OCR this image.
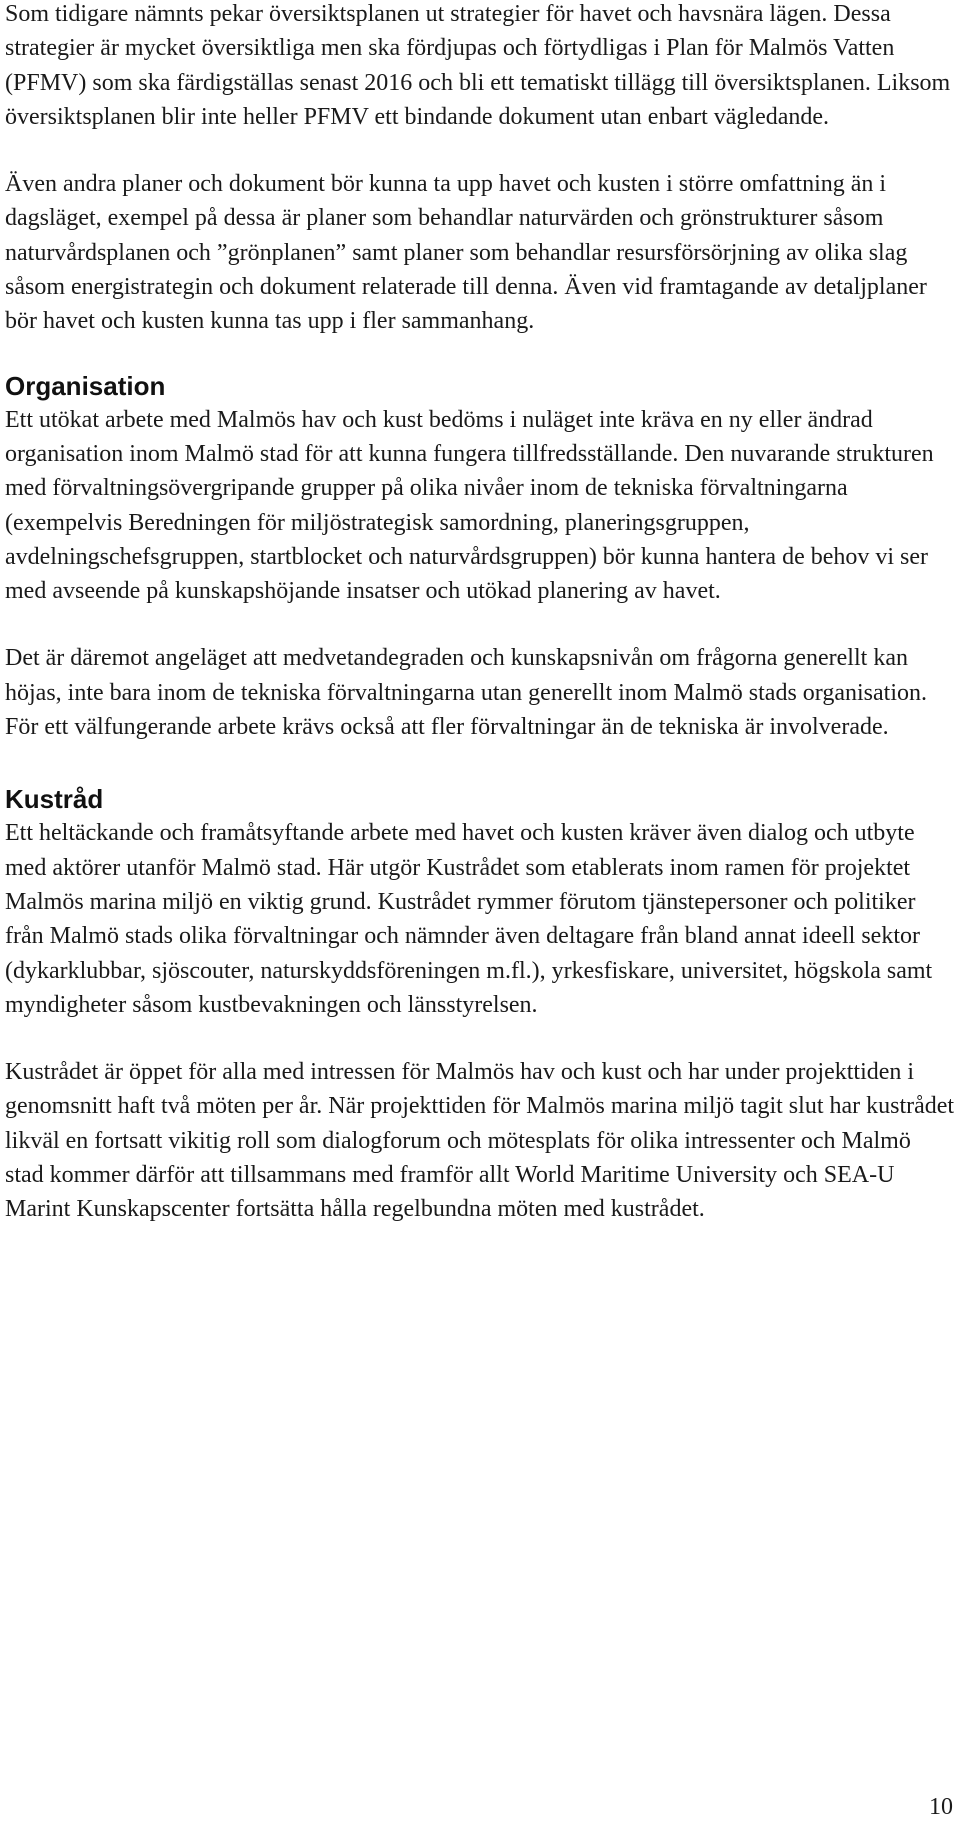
Som tidigare nämnts pekar översiktsplanen ut strategier för havet och havsnära lägen. Dessa strategier är mycket översiktliga men ska fördjupas och förtydligas i Plan för Malmös Vatten (PFMV) som ska färdigställas senast 2016 och bli ett tematiskt tillägg till översiktsplanen. Liksom översiktsplanen blir inte heller PFMV ett bindande dokument utan enbart vägledande.

Även andra planer och dokument bör kunna ta upp havet och kusten i större omfattning än i dagsläget, exempel på dessa är planer som behandlar naturvärden och grönstrukturer såsom naturvårdsplanen och ”grönplanen” samt planer som behandlar resursförsörjning av olika slag såsom energistrategin och dokument relaterade till denna. Även vid framtagande av detaljplaner bör havet och kusten kunna tas upp i fler sammanhang.

Organisation

Ett utökat arbete med Malmös hav och kust bedöms i nuläget inte kräva en ny eller ändrad organisation inom Malmö stad för att kunna fungera tillfredsställande. Den nuvarande strukturen med förvaltningsövergripande grupper på olika nivåer inom de tekniska förvaltningarna (exempelvis Beredningen för miljöstrategisk samordning, planeringsgruppen, avdelningschefsgruppen, startblocket och naturvårdsgruppen) bör kunna hantera de behov vi ser med avseende på kunskapshöjande insatser och utökad planering av havet.

Det är däremot angeläget att medvetandegraden och kunskapsnivån om frågorna generellt kan höjas, inte bara inom de tekniska förvaltningarna utan generellt inom Malmö stads organisation. För ett välfungerande arbete krävs också att fler förvaltningar än de tekniska är involverade.

Kustråd

Ett heltäckande och framåtsyftande arbete med havet och kusten kräver även dialog och utbyte med aktörer utanför Malmö stad. Här utgör Kustrådet som etablerats inom ramen för projektet Malmös marina miljö en viktig grund. Kustrådet rymmer förutom tjänstepersoner och politiker från Malmö stads olika förvaltningar och nämnder även deltagare från bland annat ideell sektor (dykarklubbar, sjöscouter, naturskyddsföreningen m.fl.), yrkesfiskare, universitet, högskola samt myndigheter såsom kustbevakningen och länsstyrelsen.

Kustrådet är öppet för alla med intressen för Malmös hav och kust och har under projekttiden i genomsnitt haft två möten per år. När projekttiden för Malmös marina miljö tagit slut har kustrådet likväl en fortsatt vikitig roll som dialogforum och mötesplats för olika intressenter och Malmö stad kommer därför att tillsammans med framför allt World Maritime University och SEA-U Marint Kunskapscenter fortsätta hålla regelbundna möten med kustrådet.

10
